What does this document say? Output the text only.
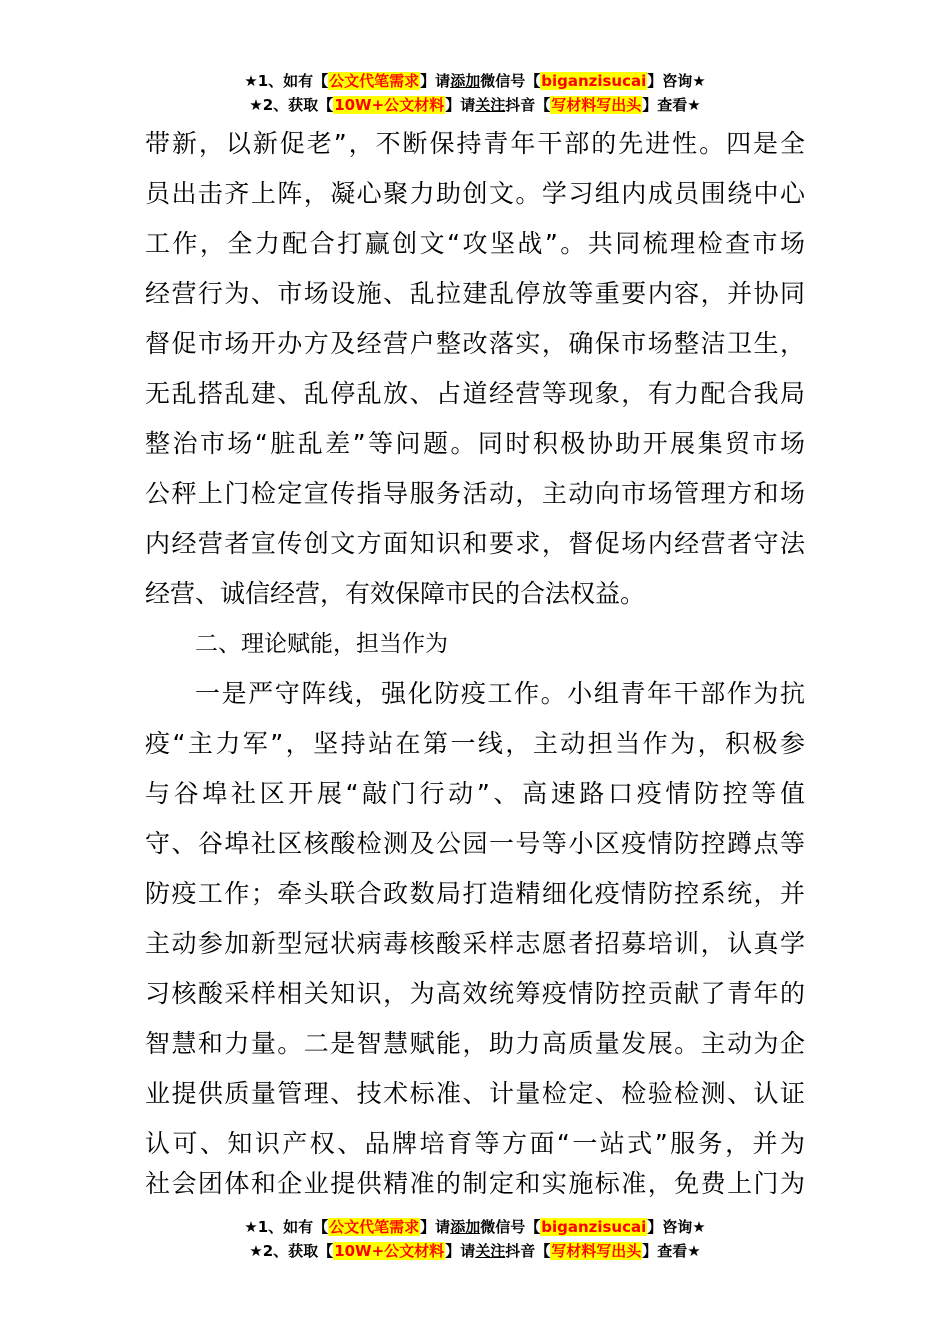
★1、如有【公文代笔需求】请添加微信号【biganzisucai】咨询★
★2、获取【10W+公文材料】请关注抖音【写材料写出头】查看★
带新，以新促老”，不断保持青年干部的先进性。四是全
员出击齐上阵，凝心聚力助创文。学习组内成员围绕中心
工作，全力配合打赢创文“攻坚战”。共同梳理检查市场
经营行为、市场设施、乱拉建乱停放等重要内容，并协同
督促市场开办方及经营户整改落实，确保市场整洁卫生，
无乱搭乱建、乱停乱放、占道经营等现象，有力配合我局
整治市场“脏乱差”等问题。同时积极协助开展集贸市场
公秤上门检定宣传指导服务活动，主动向市场管理方和场
内经营者宣传创文方面知识和要求，督促场内经营者守法
经营、诚信经营，有效保障市民的合法权益。
二、理论赋能，担当作为
一是严守阵线，强化防疫工作。小组青年干部作为抗
疫“主力军”，坚持站在第一线，主动担当作为，积极参
与谷埠社区开展“敲门行动”、高速路口疫情防控等值
守、谷埠社区核酸检测及公园一号等小区疫情防控蹲点等
防疫工作；牵头联合政数局打造精细化疫情防控系统，并
主动参加新型冠状病毒核酸采样志愿者招募培训，认真学
习核酸采样相关知识，为高效统筹疫情防控贡献了青年的
智慧和力量。二是智慧赋能，助力高质量发展。主动为企
业提供质量管理、技术标准、计量检定、检验检测、认证
认可、知识产权、品牌培育等方面“一站式”服务，并为
社会团体和企业提供精准的制定和实施标准，免费上门为
★1、如有【公文代笔需求】请添加微信号【biganzisucai】咨询★
★2、获取【10W+公文材料】请关注抖音【写材料写出头】查看★
